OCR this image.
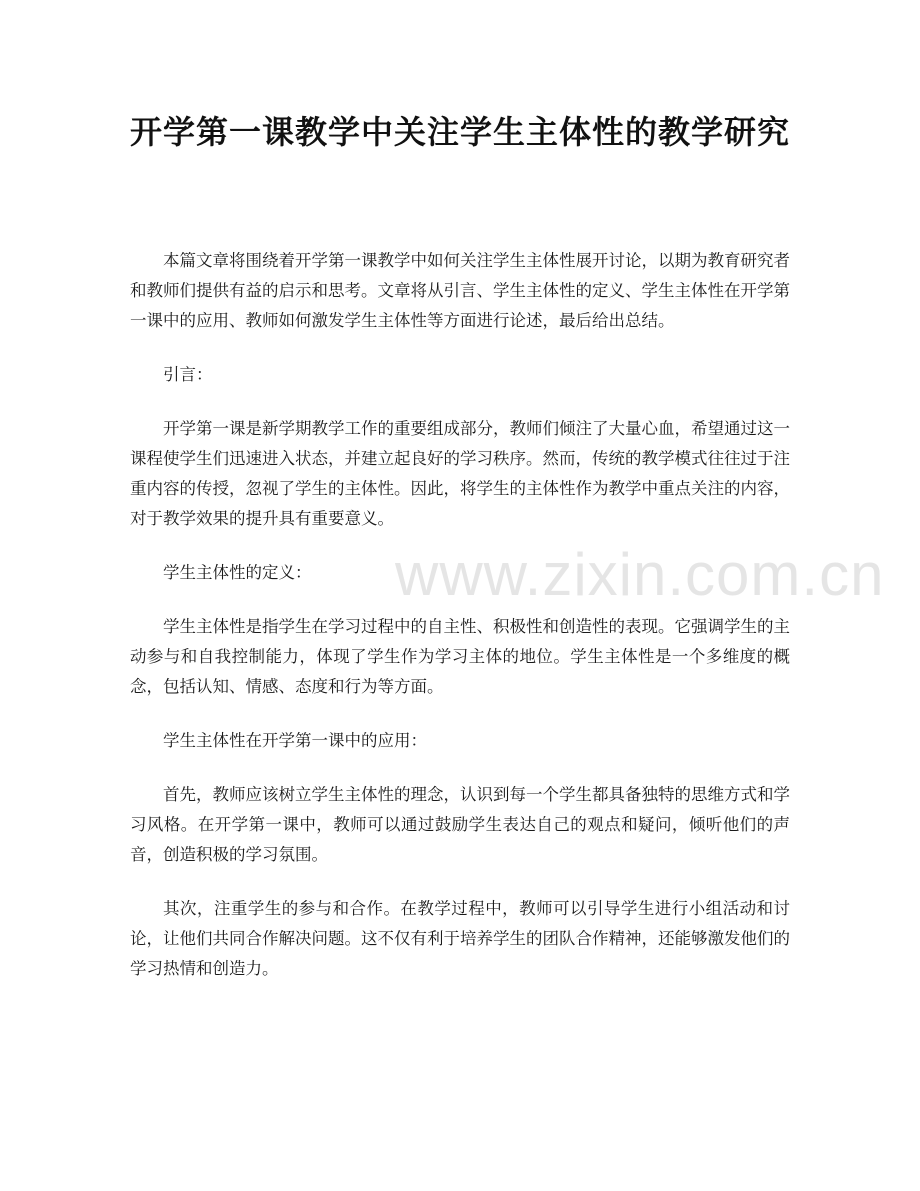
开学第一课教学中关注学生主体性的教学研究

本篇文章将围绕着开学第一课教学中如何关注学生主体性展开讨论，以期为教育研究者和教师们提供有益的启示和思考。文章将从引言、学生主体性的定义、学生主体性在开学第一课中的应用、教师如何激发学生主体性等方面进行论述，最后给出总结。

引言：

开学第一课是新学期教学工作的重要组成部分，教师们倾注了大量心血，希望通过这一课程使学生们迅速进入状态，并建立起良好的学习秩序。然而，传统的教学模式往往过于注重内容的传授，忽视了学生的主体性。因此，将学生的主体性作为教学中重点关注的内容，对于教学效果的提升具有重要意义。

学生主体性的定义：

学生主体性是指学生在学习过程中的自主性、积极性和创造性的表现。它强调学生的主动参与和自我控制能力，体现了学生作为学习主体的地位。学生主体性是一个多维度的概念，包括认知、情感、态度和行为等方面。

学生主体性在开学第一课中的应用：

首先，教师应该树立学生主体性的理念，认识到每一个学生都具备独特的思维方式和学习风格。在开学第一课中，教师可以通过鼓励学生表达自己的观点和疑问，倾听他们的声音，创造积极的学习氛围。

其次，注重学生的参与和合作。在教学过程中，教师可以引导学生进行小组活动和讨论，让他们共同合作解决问题。这不仅有利于培养学生的团队合作精神，还能够激发他们的学习热情和创造力。

www.zixin.com.cn
